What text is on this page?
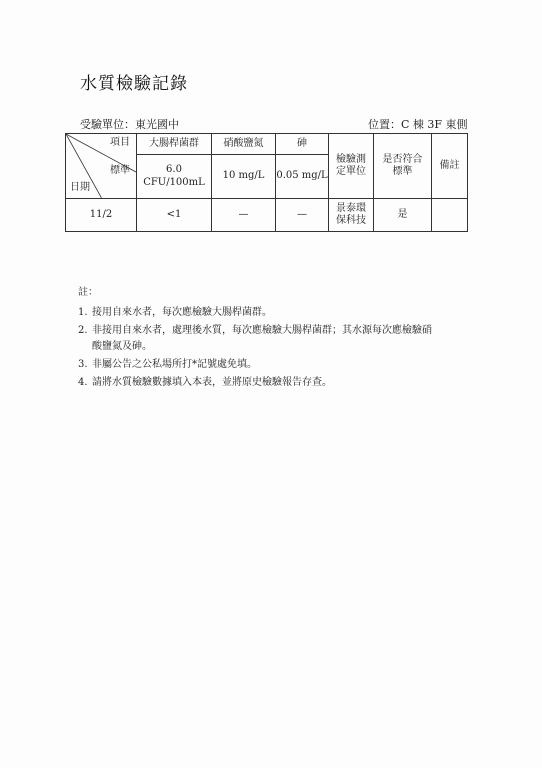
水質檢驗記錄
受驗單位：東光國中	位置：C 棟 3F 東側
項目
標準
日期	大腸桿菌群	硝酸鹽氮	砷	檢驗測定單位	是否符合標準	備註
	6.0 CFU/100mL	10 mg/L	0.05 mg/L			
11/2	<1	—	—	景泰環保科技	是	
註：
1. 接用自來水者，每次應檢驗大腸桿菌群。
2. 非接用自來水者，處理後水質，每次應檢驗大腸桿菌群；其水源每次應檢驗硝酸鹽氮及砷。
3. 非屬公告之公私場所打*記號處免填。
4. 請將水質檢驗數據填入本表，並將原史檢驗報告存查。
